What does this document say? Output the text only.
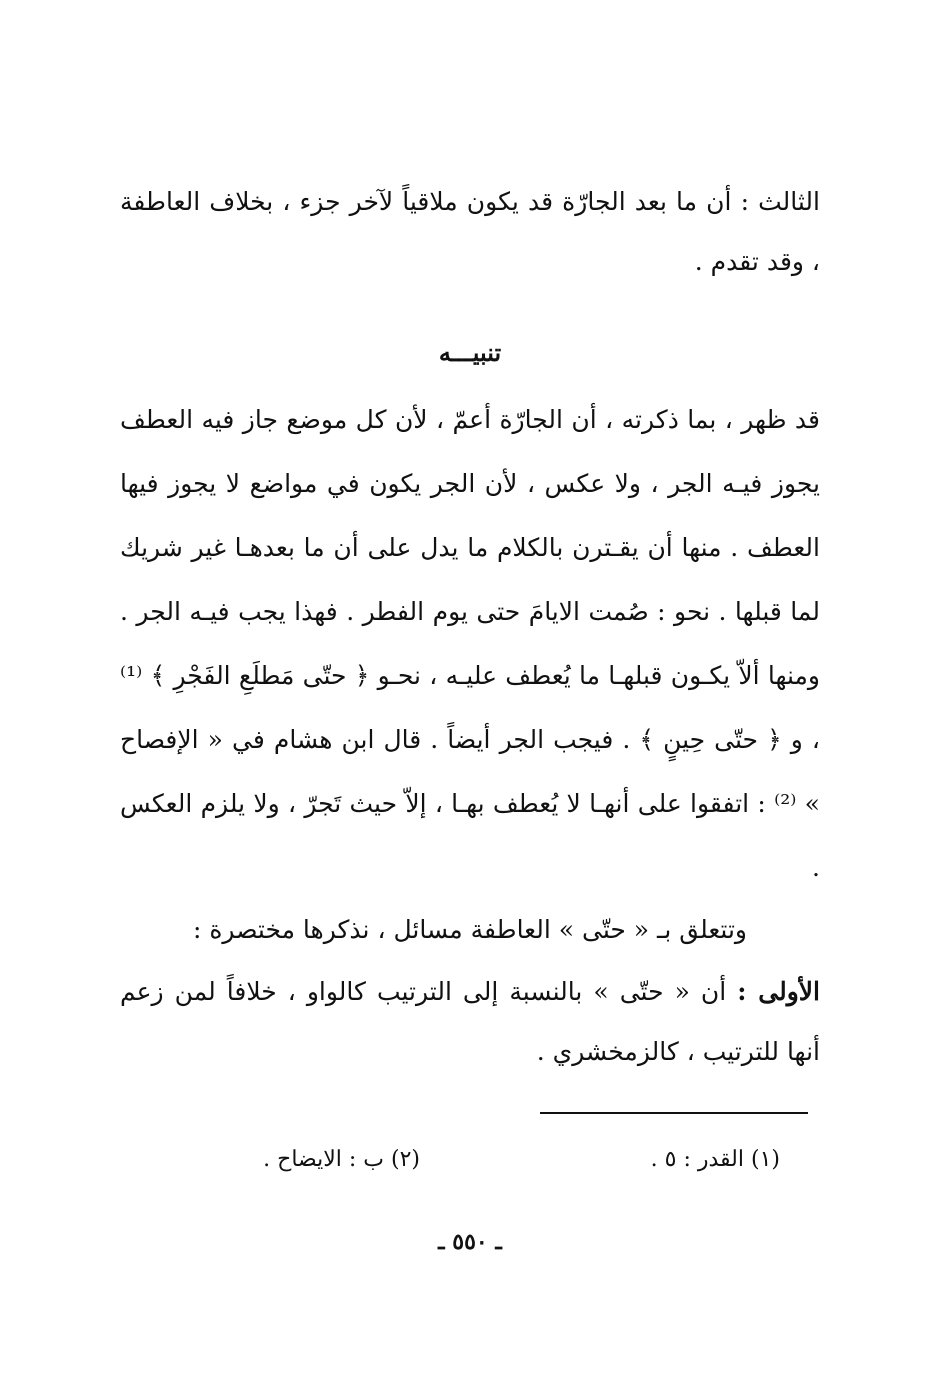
الثالث : أن ما بعد الجارّة قد يكون ملاقياً لآخر جزء ، بخلاف العاطفة ، وقد تقدم .

تنبيـــه

قد ظهر ، بما ذكرته ، أن الجارّة أعمّ ، لأن كل موضع جاز فيه العطف يجوز فيـه الجر ، ولا عكس ، لأن الجر يكون في مواضع لا يجوز فيها العطف . منها أن يقـترن بالكلام ما يدل على أن ما بعدهـا غير شريك لما قبلها . نحو : صُمت الايامَ حتى يوم الفطر . فهذا يجب فيـه الجر . ومنها ألاّ يكـون قبلهـا ما يُعطف عليـه ، نحـو ﴿ حتّى مَطلَعِ الفَجْرِ ﴾ ⁽¹⁾ ، و ﴿ حتّى حِينٍ ﴾ . فيجب الجر أيضاً . قال ابن هشام في « الإفصاح » ⁽²⁾ : اتفقوا على أنهـا لا يُعطف بهـا ، إلاّ حيث تَجرّ ، ولا يلزم العكس .

وتتعلق بـ « حتّى » العاطفة مسائل ، نذكرها مختصرة :

الأولى : أن « حتّى » بالنسبة إلى الترتيب كالواو ، خلافاً لمن زعم أنها للترتيب ، كالزمخشري .

(١) القدر : ٥ .
(٢) ب : الايضاح .
ـ ٥٥٠ ـ
